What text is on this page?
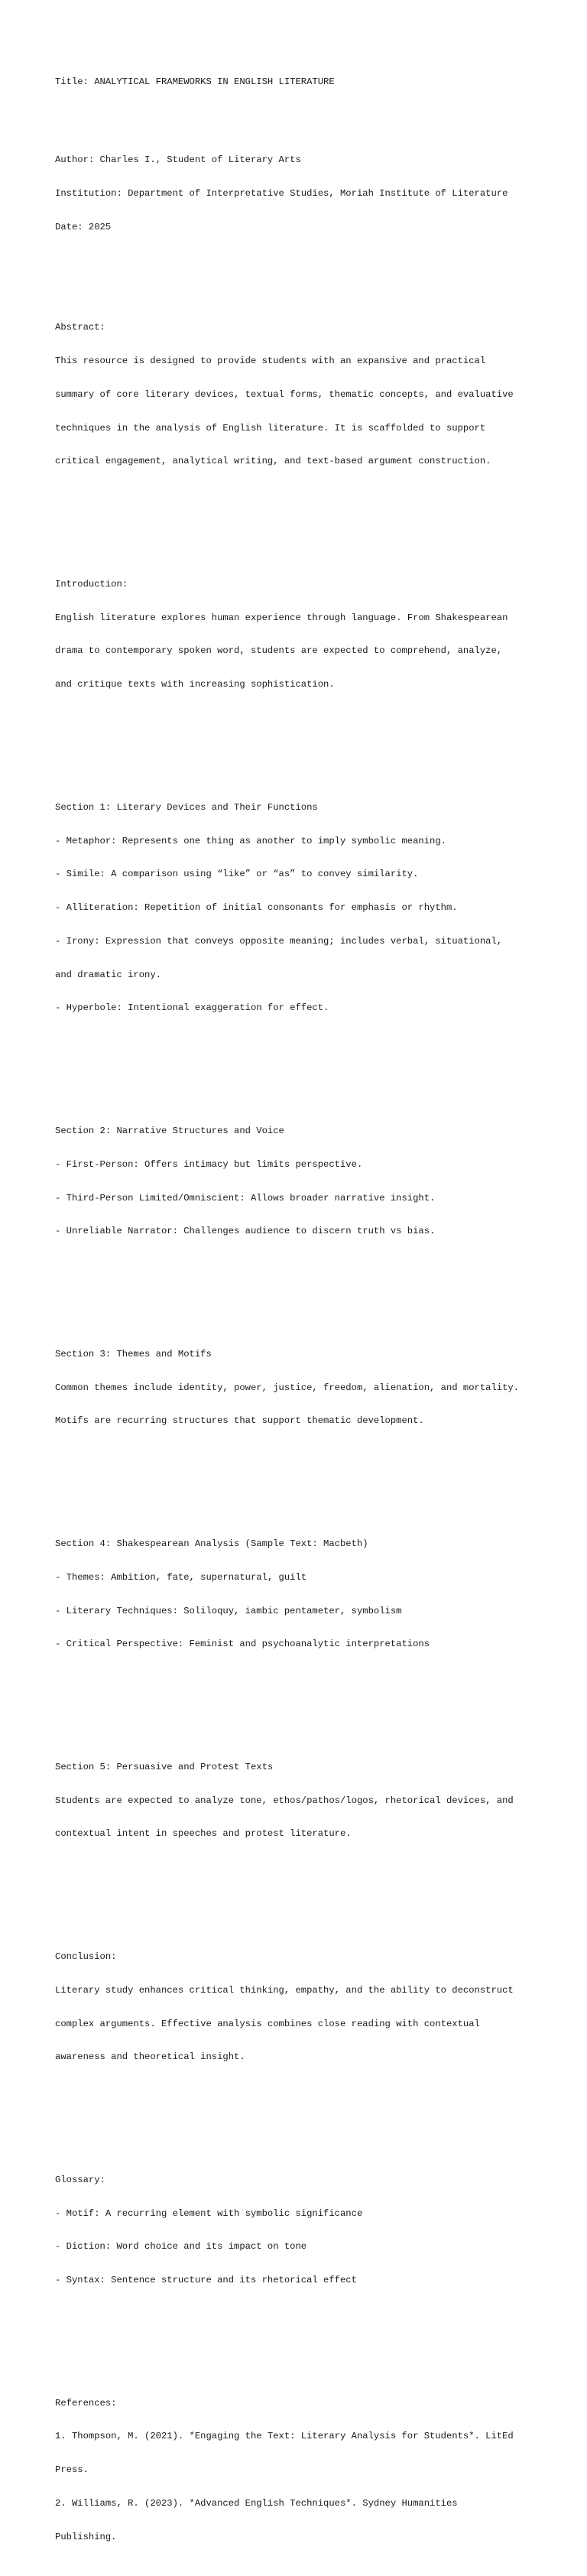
Title: ANALYTICAL FRAMEWORKS IN ENGLISH LITERATURE

Author: Charles I., Student of Literary Arts

Institution: Department of Interpretative Studies, Moriah Institute of Literature

Date: 2025

Abstract:

This resource is designed to provide students with an expansive and practical

summary of core literary devices, textual forms, thematic concepts, and evaluative

techniques in the analysis of English literature. It is scaffolded to support

critical engagement, analytical writing, and text-based argument construction.

Introduction:

English literature explores human experience through language. From Shakespearean

drama to contemporary spoken word, students are expected to comprehend, analyze,

and critique texts with increasing sophistication.

Section 1: Literary Devices and Their Functions

- Metaphor: Represents one thing as another to imply symbolic meaning.

- Simile: A comparison using “like” or “as” to convey similarity.

- Alliteration: Repetition of initial consonants for emphasis or rhythm.

- Irony: Expression that conveys opposite meaning; includes verbal, situational,

and dramatic irony.

- Hyperbole: Intentional exaggeration for effect.

Section 2: Narrative Structures and Voice

- First-Person: Offers intimacy but limits perspective.

- Third-Person Limited/Omniscient: Allows broader narrative insight.

- Unreliable Narrator: Challenges audience to discern truth vs bias.

Section 3: Themes and Motifs

Common themes include identity, power, justice, freedom, alienation, and mortality.

Motifs are recurring structures that support thematic development.

Section 4: Shakespearean Analysis (Sample Text: Macbeth)

- Themes: Ambition, fate, supernatural, guilt

- Literary Techniques: Soliloquy, iambic pentameter, symbolism

- Critical Perspective: Feminist and psychoanalytic interpretations

Section 5: Persuasive and Protest Texts

Students are expected to analyze tone, ethos/pathos/logos, rhetorical devices, and

contextual intent in speeches and protest literature.

Conclusion:

Literary study enhances critical thinking, empathy, and the ability to deconstruct

complex arguments. Effective analysis combines close reading with contextual

awareness and theoretical insight.

Glossary:

- Motif: A recurring element with symbolic significance

- Diction: Word choice and its impact on tone

- Syntax: Sentence structure and its rhetorical effect

References:

1. Thompson, M. (2021). *Engaging the Text: Literary Analysis for Students*. LitEd

Press.

2. Williams, R. (2023). *Advanced English Techniques*. Sydney Humanities

Publishing.
